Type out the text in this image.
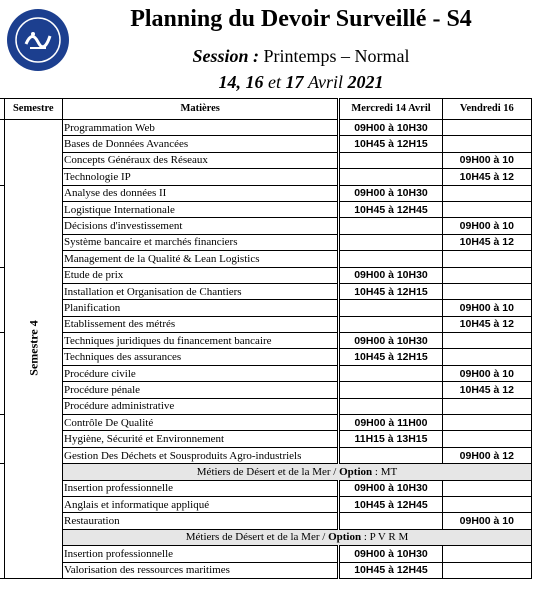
Planning du Devoir Surveillé - S4
Session : Printemps – Normal
14, 16 et 17 Avril 2021
	Semestre	Matières	Mercredi 14 Avril	Vendredi 16
	Semestre 4	Programmation Web	09H00 à 10H30	
		Bases de Données Avancées	10H45 à 12H15	
		Concepts Généraux des Réseaux		09H00 à 10
		Technologie IP		10H45 à 12
		Analyse des données II	09H00 à 10H30	
		Logistique Internationale	10H45 à 12H45	
		Décisions d'investissement		09H00 à 10
		Système bancaire et marchés financiers		10H45 à 12
		Management de la Qualité & Lean Logistics		
		Etude de prix	09H00 à 10H30	
		Installation et Organisation de Chantiers	10H45 à 12H15	
		Planification		09H00 à 10
		Etablissement des métrés		10H45 à 12
		Techniques juridiques du financement bancaire	09H00 à 10H30	
		Techniques des assurances	10H45 à 12H15	
		Procédure civile		09H00 à 10
		Procédure pénale		10H45 à 12
		Procédure administrative		
		Contrôle De Qualité	09H00 à 11H00	
		Hygiène, Sécurité et Environnement	11H15 à 13H15	
		Gestion Des Déchets et Sousproduits Agro-industriels		09H00 à 12
	Métiers de Désert et de la Mer / Option : MT		
		Insertion professionnelle	09H00 à 10H30	
		Anglais et informatique appliqué	10H45 à 12H45	
		Restauration		09H00 à 10
		Métiers de Désert et de la Mer / Option : P V R M		
		Insertion professionnelle	09H00 à 10H30	
		Valorisation des ressources maritimes	10H45 à 12H45	
